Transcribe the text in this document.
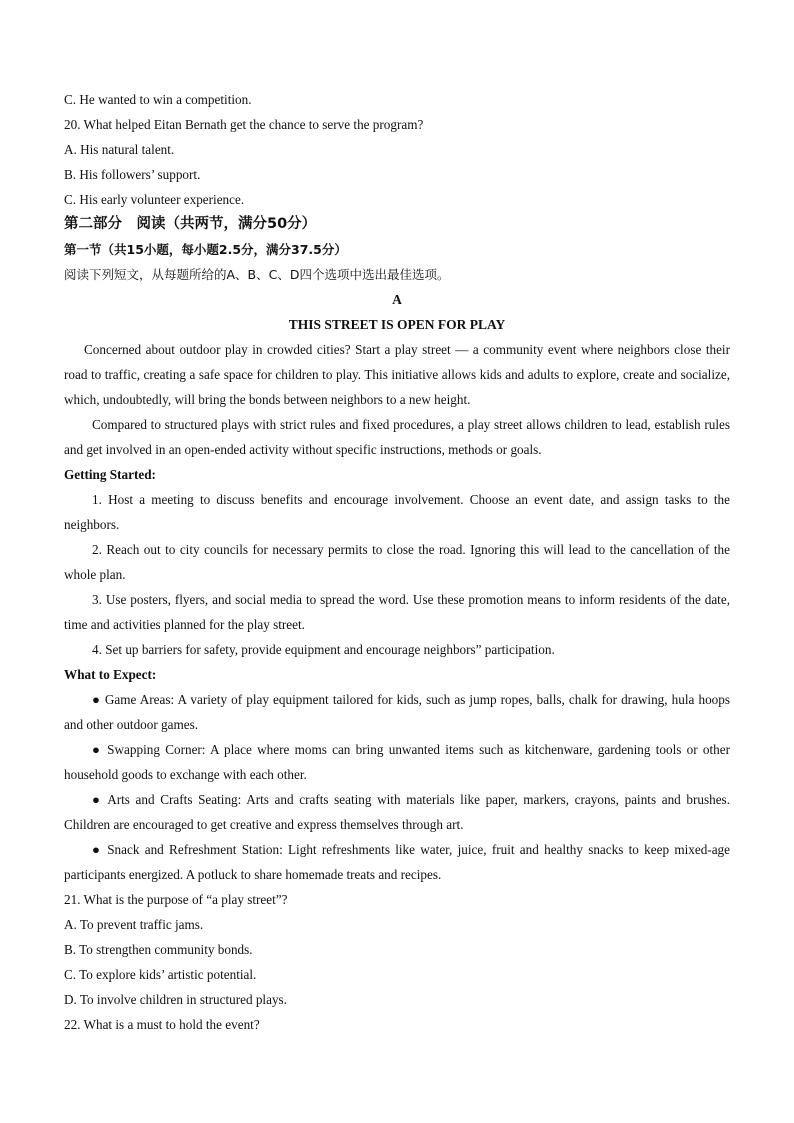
C. He wanted to win a competition.
20. What helped Eitan Bernath get the chance to serve the program?
A. His natural talent.
B. His followers’ support.
C. His early volunteer experience.
第二部分　阅读（共两节，满分50分）
第一节（共15小题，每小题2.5分，满分37.5分）
阅读下列短文，从每题所给的A、B、C、D四个选项中选出最佳选项。
A
THIS STREET IS OPEN FOR PLAY
Concerned about outdoor play in crowded cities? Start a play street — a community event where neighbors close their road to traffic, creating a safe space for children to play. This initiative allows kids and adults to explore, create and socialize, which, undoubtedly, will bring the bonds between neighbors to a new height.
Compared to structured plays with strict rules and fixed procedures, a play street allows children to lead, establish rules and get involved in an open-ended activity without specific instructions, methods or goals.
Getting Started:
1. Host a meeting to discuss benefits and encourage involvement. Choose an event date, and assign tasks to the neighbors.
2. Reach out to city councils for necessary permits to close the road. Ignoring this will lead to the cancellation of the whole plan.
3. Use posters, flyers, and social media to spread the word. Use these promotion means to inform residents of the date, time and activities planned for the play street.
4. Set up barriers for safety, provide equipment and encourage neighbors” participation.
What to Expect:
● Game Areas: A variety of play equipment tailored for kids, such as jump ropes, balls, chalk for drawing, hula hoops and other outdoor games.
● Swapping Corner: A place where moms can bring unwanted items such as kitchenware, gardening tools or other household goods to exchange with each other.
● Arts and Crafts Seating: Arts and crafts seating with materials like paper, markers, crayons, paints and brushes. Children are encouraged to get creative and express themselves through art.
● Snack and Refreshment Station: Light refreshments like water, juice, fruit and healthy snacks to keep mixed-age participants energized. A potluck to share homemade treats and recipes.
21. What is the purpose of “a play street”?
A. To prevent traffic jams.
B. To strengthen community bonds.
C. To explore kids’ artistic potential.
D. To involve children in structured plays.
22. What is a must to hold the event?
